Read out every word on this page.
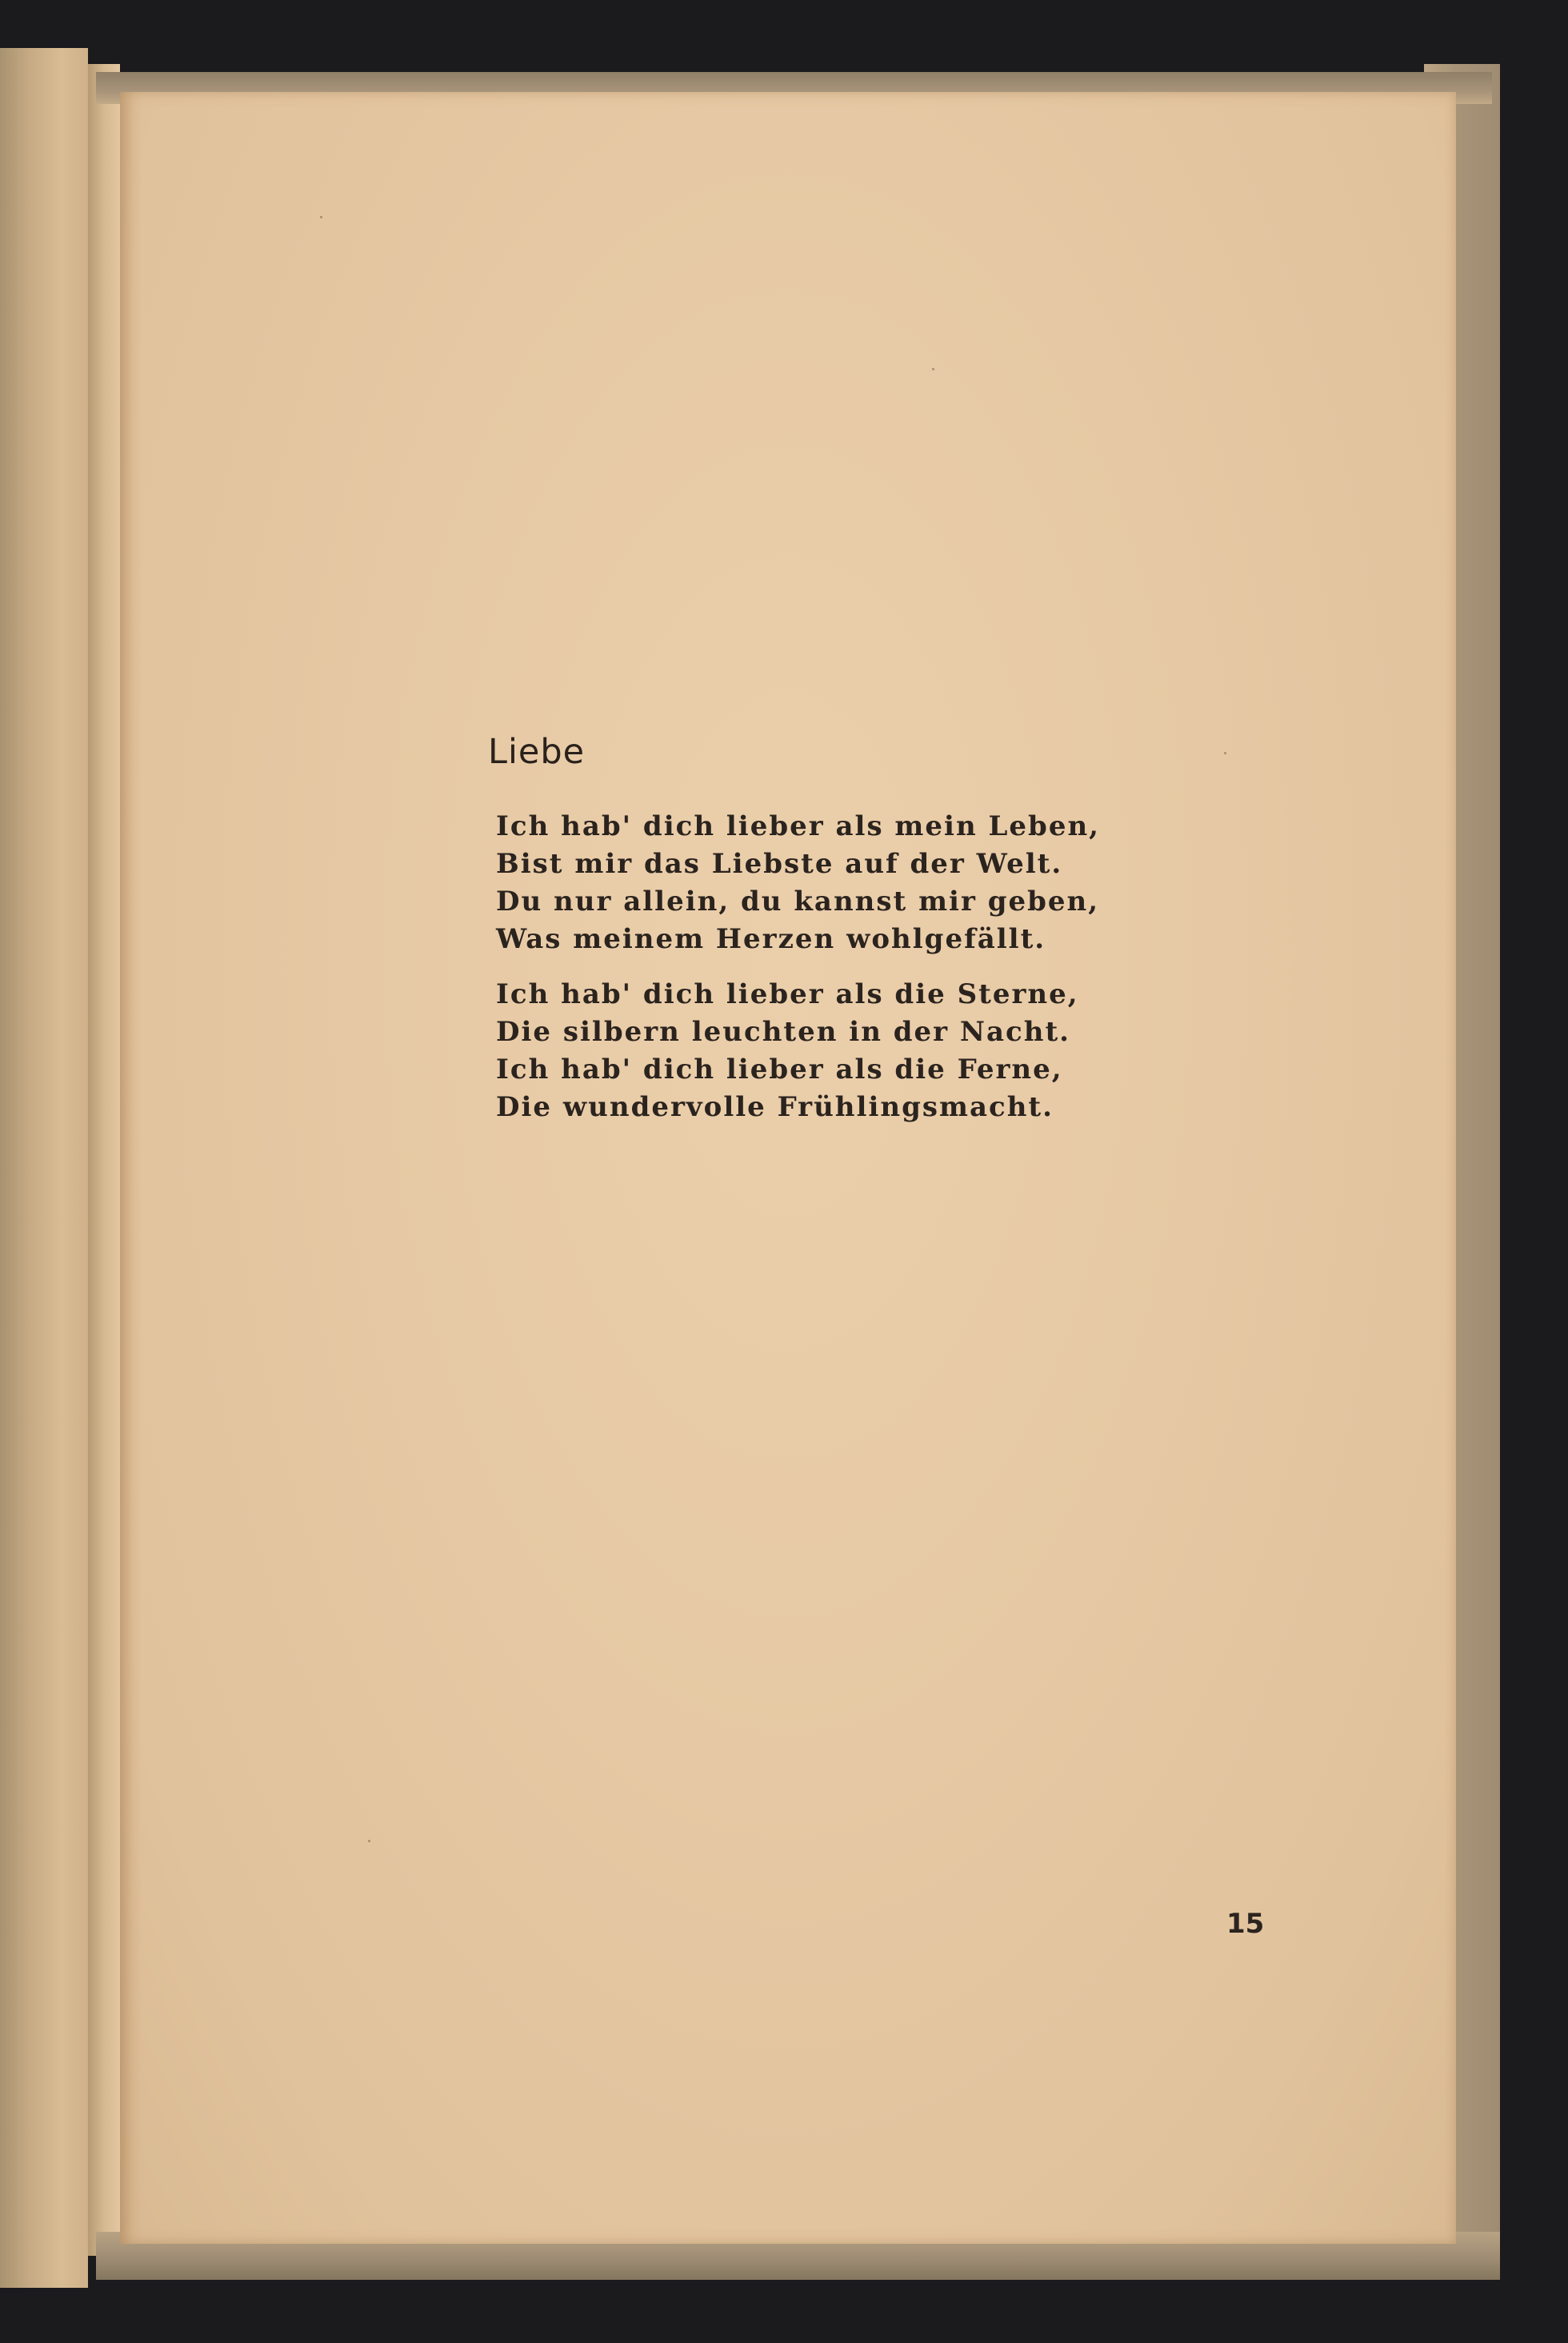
Liebe
Ich hab' dich lieber als mein Leben,
Bist mir das Liebste auf der Welt.
Du nur allein, du kannst mir geben,
Was meinem Herzen wohlgefällt.
Ich hab' dich lieber als die Sterne,
Die silbern leuchten in der Nacht.
Ich hab' dich lieber als die Ferne,
Die wundervolle Frühlingsmacht.

15
